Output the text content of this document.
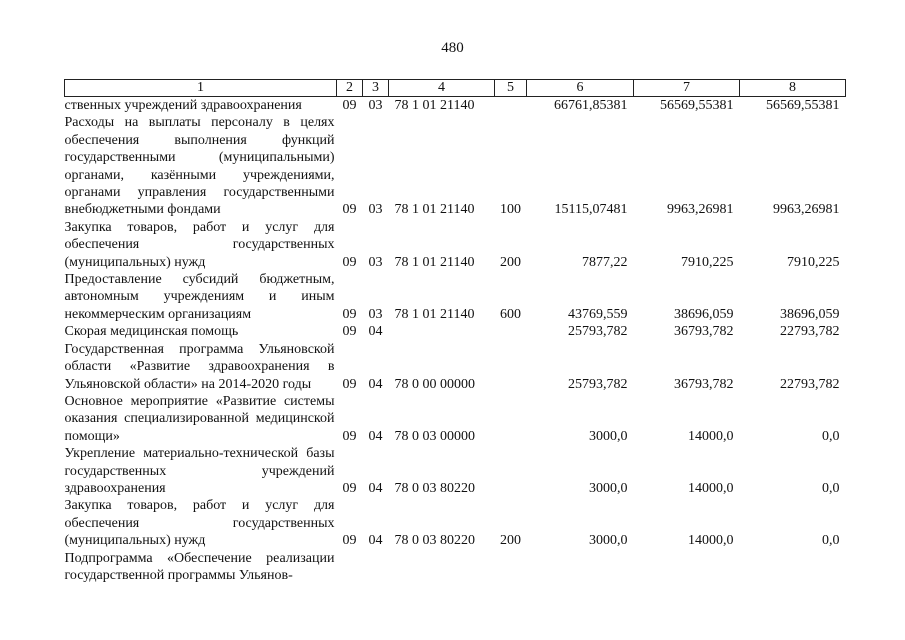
480
1	2	3	4	5	6	7	8
ственных учреждений здравоохранения	09	03	78 1 01 21140		66761,85381	56569,55381	56569,55381
Расходы на выплаты персоналу в целях обеспечения выполнения функций государственными (муниципальными) органами, казёнными учреждениями, органами управления государственными внебюджетными фондами	09	03	78 1 01 21140	100	15115,07481	9963,26981	9963,26981
Закупка товаров, работ и услуг для обеспечения государственных (муниципальных) нужд	09	03	78 1 01 21140	200	7877,22	7910,225	7910,225
Предоставление субсидий бюджетным, автономным учреждениям и иным некоммерческим организациям	09	03	78 1 01 21140	600	43769,559	38696,059	38696,059
Скорая медицинская помощь	09	04			25793,782	36793,782	22793,782
Государственная программа Ульяновской области «Развитие здравоохранения в Ульяновской области» на 2014-2020 годы	09	04	78 0 00 00000		25793,782	36793,782	22793,782
Основное мероприятие «Развитие системы оказания специализированной медицинской помощи»	09	04	78 0 03 00000		3000,0	14000,0	0,0
Укрепление материально-технической базы государственных учреждений здравоохранения	09	04	78 0 03 80220		3000,0	14000,0	0,0
Закупка товаров, работ и услуг для обеспечения государственных (муниципальных) нужд	09	04	78 0 03 80220	200	3000,0	14000,0	0,0
Подпрограмма «Обеспечение реализации государственной программы Ульянов-							
